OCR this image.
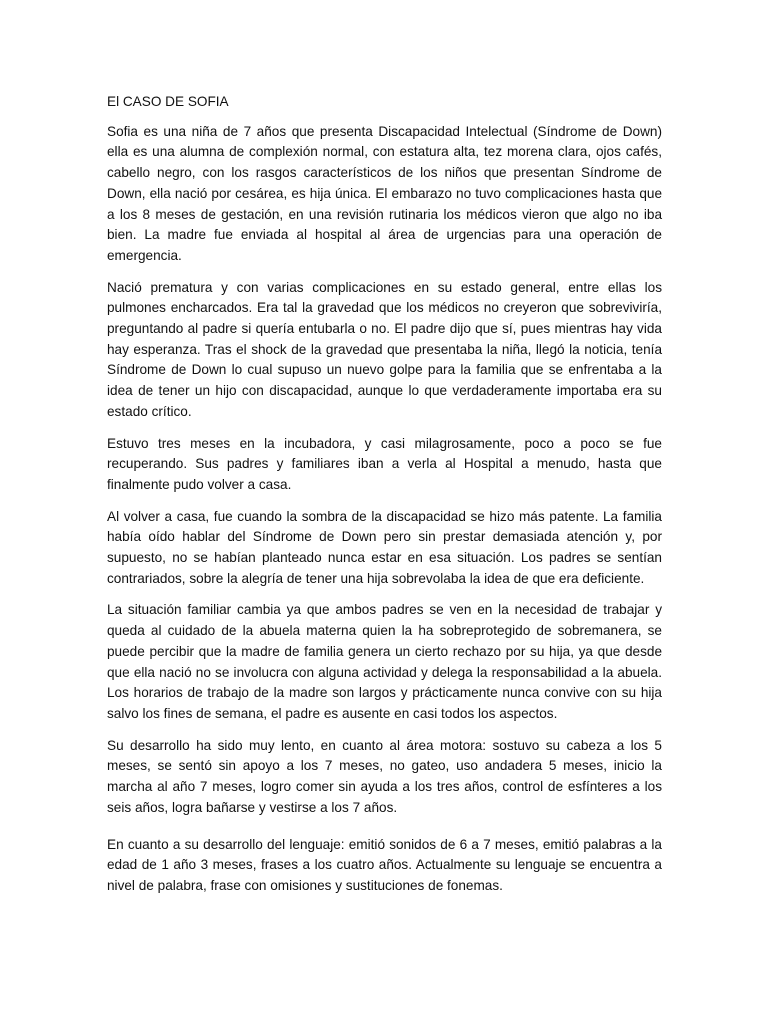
El CASO DE SOFIA

Sofia es una niña de 7 años que presenta Discapacidad Intelectual (Síndrome de Down) ella es una alumna de complexión normal, con estatura alta, tez morena clara, ojos cafés, cabello negro, con los rasgos característicos de los niños que presentan Síndrome de Down, ella nació por cesárea, es hija única. El embarazo no tuvo complicaciones hasta que a los 8 meses de gestación, en una revisión rutinaria los médicos vieron que algo no iba bien. La madre fue enviada al hospital al área de urgencias para una operación de emergencia.

Nació prematura y con varias complicaciones en su estado general, entre ellas los pulmones encharcados. Era tal la gravedad que los médicos no creyeron que sobreviviría, preguntando al padre si quería entubarla o no. El padre dijo que sí, pues mientras hay vida hay esperanza. Tras el shock de la gravedad que presentaba la niña, llegó la noticia, tenía Síndrome de Down lo cual supuso un nuevo golpe para la familia que se enfrentaba a la idea de tener un hijo con discapacidad, aunque lo que verdaderamente importaba era su estado crítico.

Estuvo tres meses en la incubadora, y casi milagrosamente, poco a poco se fue recuperando. Sus padres y familiares iban a verla al Hospital a menudo, hasta que finalmente pudo volver a casa.

Al volver a casa, fue cuando la sombra de la discapacidad se hizo más patente. La familia había oído hablar del Síndrome de Down pero sin prestar demasiada atención y, por supuesto, no se habían planteado nunca estar en esa situación. Los padres se sentían contrariados, sobre la alegría de tener una hija sobrevolaba la idea de que era deficiente.

La situación familiar cambia ya que ambos padres se ven en la necesidad de trabajar y queda al cuidado de la abuela materna quien la ha sobreprotegido de sobremanera, se puede percibir que la madre de familia genera un cierto rechazo por su hija, ya que desde que ella nació no se involucra con alguna actividad y delega la responsabilidad a la abuela. Los horarios de trabajo de la madre son largos y prácticamente nunca convive con su hija salvo los fines de semana, el padre es ausente en casi todos los aspectos.

Su desarrollo ha sido muy lento, en cuanto al área motora: sostuvo su cabeza a los 5 meses, se sentó sin apoyo a los 7 meses, no gateo, uso andadera 5 meses, inicio la marcha al año 7 meses, logro comer sin ayuda a los tres años, control de esfínteres a los seis años, logra bañarse y vestirse a los 7 años.

En cuanto a su desarrollo del lenguaje: emitió sonidos de 6 a 7 meses, emitió palabras a la edad de 1 año 3 meses, frases a los cuatro años. Actualmente su lenguaje se encuentra a nivel de palabra, frase con omisiones y sustituciones de fonemas.
